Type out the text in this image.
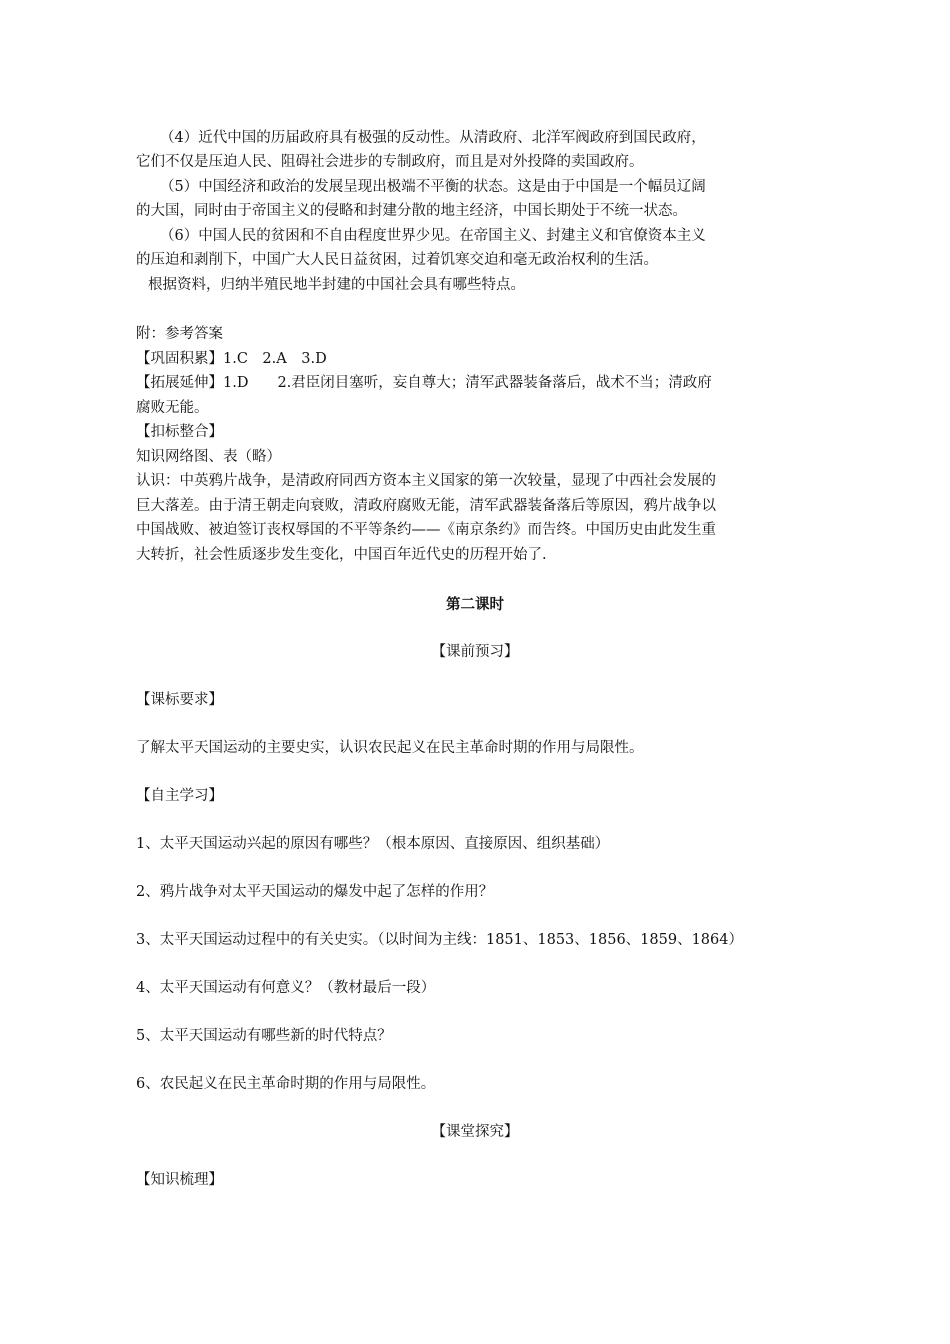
（4）近代中国的历届政府具有极强的反动性。从清政府、北洋军阀政府到国民政府，
它们不仅是压迫人民、阻碍社会进步的专制政府，而且是对外投降的卖国政府。
（5）中国经济和政治的发展呈现出极端不平衡的状态。这是由于中国是一个幅员辽阔
的大国，同时由于帝国主义的侵略和封建分散的地主经济，中国长期处于不统一状态。
（6）中国人民的贫困和不自由程度世界少见。在帝国主义、封建主义和官僚资本主义
的压迫和剥削下，中国广大人民日益贫困，过着饥寒交迫和毫无政治权利的生活。
根据资料，归纳半殖民地半封建的中国社会具有哪些特点。
附：参考答案
【巩固积累】1.C　2.A　3.D
【拓展延伸】1.D　　2.君臣闭目塞听，妄自尊大；清军武器装备落后，战术不当；清政府
腐败无能。
【扣标整合】
知识网络图、表（略）
认识：中英鸦片战争，是清政府同西方资本主义国家的第一次较量，显现了中西社会发展的
巨大落差。由于清王朝走向衰败，清政府腐败无能，清军武器装备落后等原因，鸦片战争以
中国战败、被迫签订丧权辱国的不平等条约——《南京条约》而告终。中国历史由此发生重
大转折，社会性质逐步发生变化，中国百年近代史的历程开始了.
第二课时
【课前预习】
【课标要求】
了解太平天国运动的主要史实，认识农民起义在民主革命时期的作用与局限性。
【自主学习】
1、太平天国运动兴起的原因有哪些？（根本原因、直接原因、组织基础）
2、鸦片战争对太平天国运动的爆发中起了怎样的作用？
3、太平天国运动过程中的有关史实。（以时间为主线：1851、1853、1856、1859、1864）
4、太平天国运动有何意义？（教材最后一段）
5、太平天国运动有哪些新的时代特点？
6、农民起义在民主革命时期的作用与局限性。
【课堂探究】
【知识梳理】
